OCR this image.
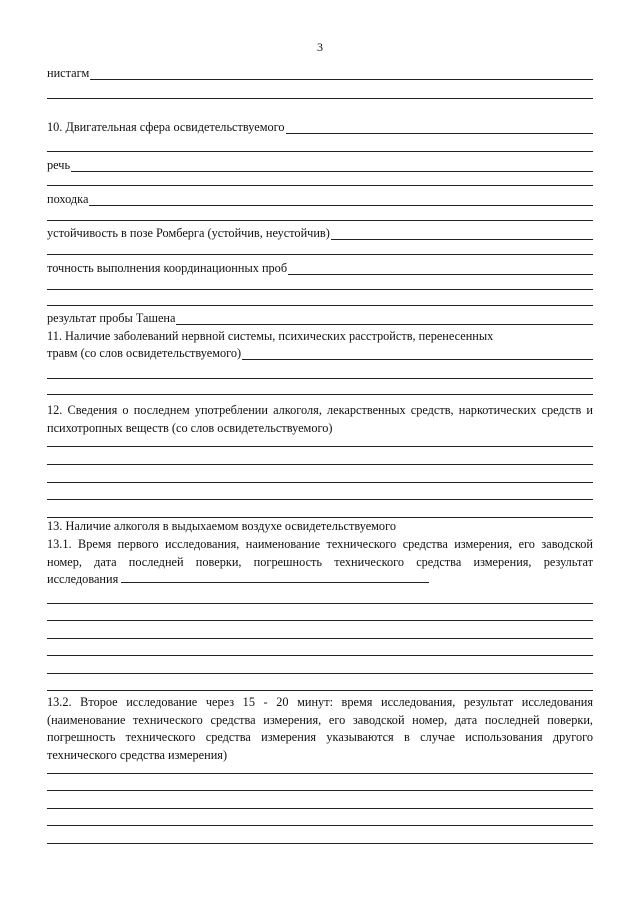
3
нистагм
10. Двигательная сфера освидетельствуемого
речь
походка
устойчивость в позе Ромберга (устойчив, неустойчив)
точность выполнения координационных проб
результат пробы Ташена
11. Наличие заболеваний нервной системы, психических расстройств, перенесенных
травм (со слов освидетельствуемого)
12. Сведения о последнем употреблении алкоголя, лекарственных средств, наркотических средств и психотропных веществ (со слов освидетельствуемого)
13. Наличие алкоголя в выдыхаемом воздухе освидетельствуемого
13.1. Время первого исследования, наименование технического средства измерения, его заводской номер, дата последней поверки, погрешность технического средства измерения, результат исследования
13.2. Второе исследование через 15 - 20 минут: время исследования, результат исследования (наименование технического средства измерения, его заводской номер, дата последней поверки, погрешность технического средства измерения указываются в случае использования другого технического средства измерения)
